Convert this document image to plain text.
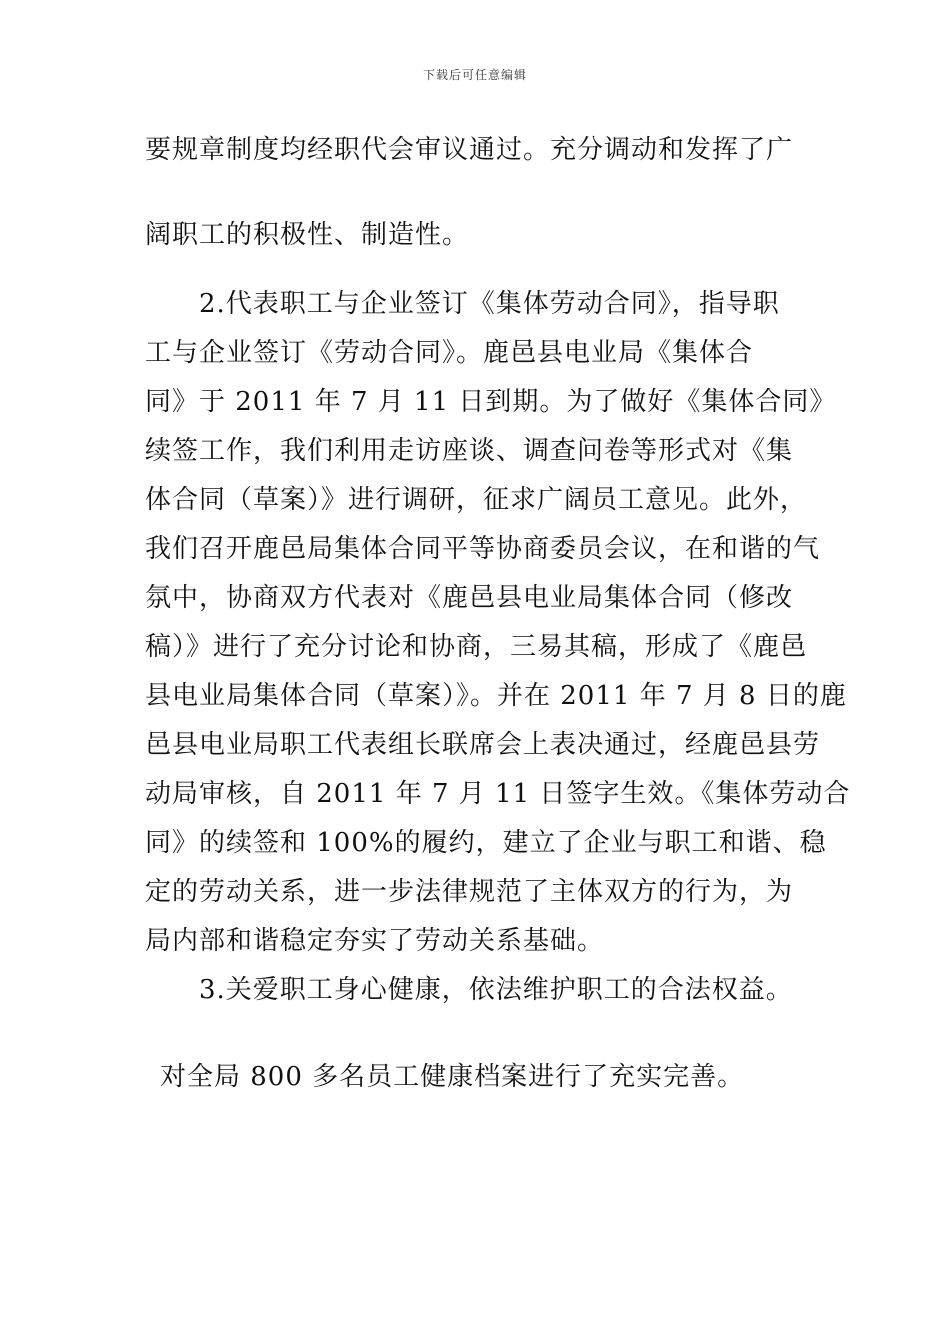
下载后可任意编辑
要规章制度均经职代会审议通过。充分调动和发挥了广
阔职工的积极性、制造性。
2.代表职工与企业签订《集体劳动合同》，指导职
工与企业签订《劳动合同》。鹿邑县电业局《集体合
同》于 2011 年 7 月 11 日到期。为了做好《集体合同》
续签工作，我们利用走访座谈、调查问卷等形式对《集
体合同（草案）》进行调研，征求广阔员工意见。此外，
我们召开鹿邑局集体合同平等协商委员会议，在和谐的气
氛中，协商双方代表对《鹿邑县电业局集体合同（修改
稿）》进行了充分讨论和协商，三易其稿，形成了《鹿邑
县电业局集体合同（草案）》。并在 2011 年 7 月 8 日的鹿
邑县电业局职工代表组长联席会上表决通过，经鹿邑县劳
动局审核，自 2011 年 7 月 11 日签字生效。《集体劳动合
同》的续签和 100%的履约，建立了企业与职工和谐、稳
定的劳动关系，进一步法律规范了主体双方的行为，为
局内部和谐稳定夯实了劳动关系基础。
3.关爱职工身心健康，依法维护职工的合法权益。
对全局 800 多名员工健康档案进行了充实完善。
